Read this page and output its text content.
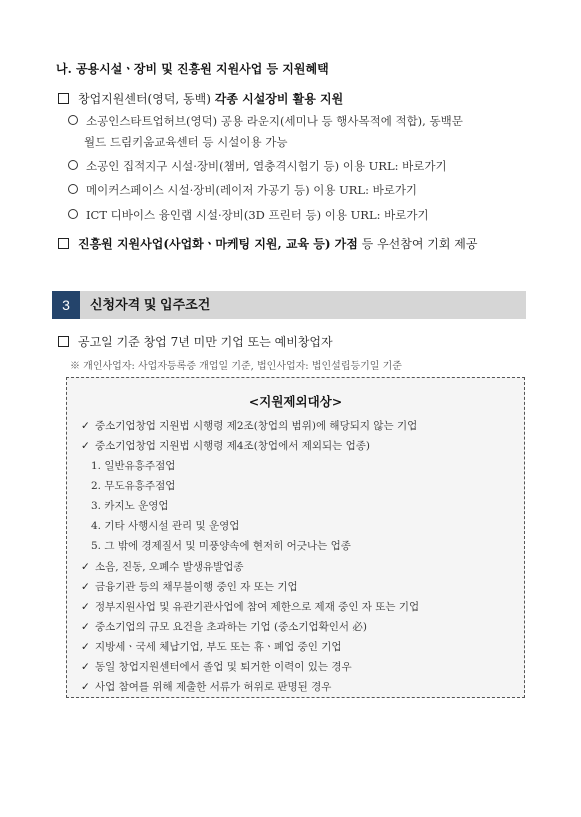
나. 공용시설ㆍ장비 및 진흥원 지원사업 등 지원혜택
창업지원센터(영덕, 동백) 각종 시설장비 활용 지원
소공인스타트업허브(영덕) 공용 라운지(세미나 등 행사목적에 적합), 동백문
월드 드림키움교육센터 등 시설이용 가능
소공인 집적지구 시설·장비(챔버, 열충격시험기 등) 이용 URL: 바로가기
메이커스페이스 시설·장비(레이저 가공기 등) 이용 URL: 바로가기
ICT 디바이스 융인랩 시설·장비(3D 프린터 등) 이용 URL: 바로가기
진흥원 지원사업(사업화ㆍ마케팅 지원, 교육 등) 가점 등 우선참여 기회 제공
3	신청자격 및 입주조건
공고일 기준 창업 7년 미만 기업 또는 예비창업자
※ 개인사업자: 사업자등록증 개업일 기준, 법인사업자: 법인설립등기일 기준
<지원제외대상>
✓ 중소기업창업 지원법 시행령 제2조(창업의 범위)에 해당되지 않는 기업
✓ 중소기업창업 지원법 시행령 제4조(창업에서 제외되는 업종)
1. 일반유흥주점업
2. 무도유흥주점업
3. 카지노 운영업
4. 기타 사행시설 관리 및 운영업
5. 그 밖에 경제질서 및 미풍양속에 현저히 어긋나는 업종
✓ 소음, 진동, 오폐수 발생유발업종
✓ 금융기관 등의 채무불이행 중인 자 또는 기업
✓ 정부지원사업 및 유관기관사업에 참여 제한으로 제재 중인 자 또는 기업
✓ 중소기업의 규모 요건을 초과하는 기업 (중소기업확인서 必)
✓ 지방세ㆍ국세 체납기업, 부도 또는 휴ㆍ폐업 중인 기업
✓ 동일 창업지원센터에서 졸업 및 퇴거한 이력이 있는 경우
✓ 사업 참여를 위해 제출한 서류가 허위로 판명된 경우
